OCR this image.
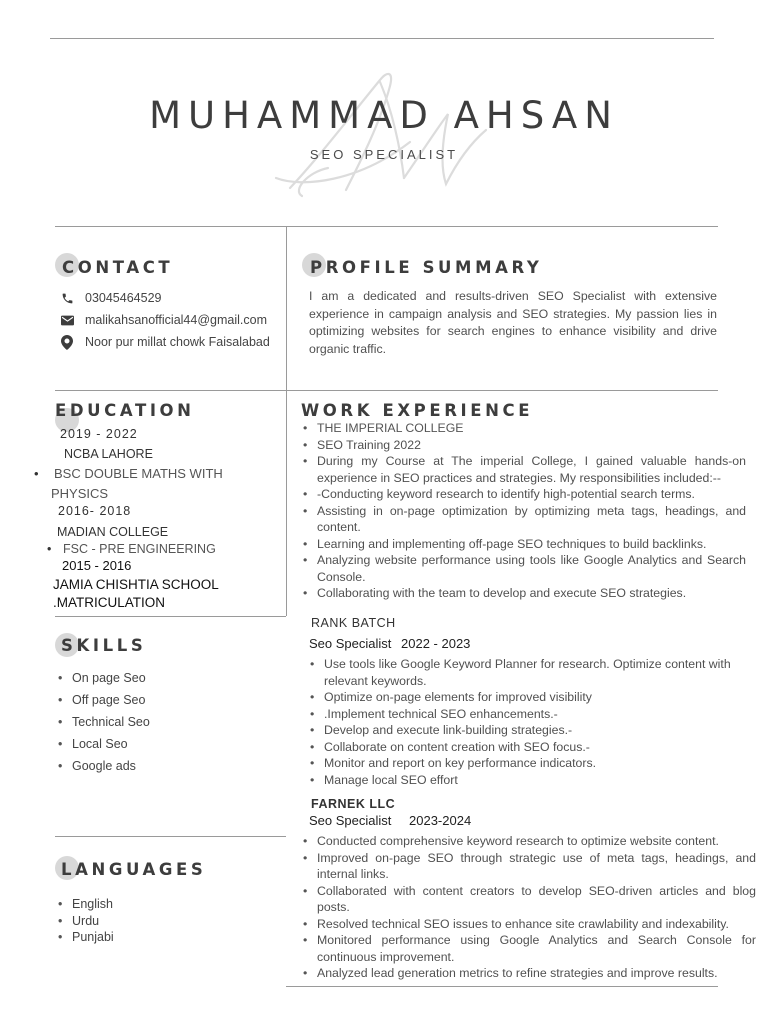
MUHAMMAD AHSAN
SEO SPECIALIST
CONTACT
03045464529
malikahsanofficial44@gmail.com
Noor pur millat chowk Faisalabad
PROFILE SUMMARY
I am a dedicated and results-driven SEO Specialist with extensive experience in campaign analysis and SEO strategies. My passion lies in optimizing websites for search engines to enhance visibility and drive organic traffic.
EDUCATION
2019 - 2022
NCBA LAHORE
• BSC DOUBLE MATHS WITH
PHYSICS
2016- 2018
MADIAN COLLEGE
• FSC - PRE ENGINEERING
2015 - 2016
JAMIA CHISHTIA SCHOOL
.MATRICULATION
SKILLS
• On page Seo
• Off page Seo
• Technical Seo
• Local Seo
• Google ads
LANGUAGES
• English
• Urdu
• Punjabi
WORK EXPERIENCE
• THE IMPERIAL COLLEGE
• SEO Training 2022
• During my Course at The imperial College, I gained valuable hands-on experience in SEO practices and strategies. My responsibilities included:--
• -Conducting keyword research to identify high-potential search terms.
• Assisting in on-page optimization by optimizing meta tags, headings, and content.
• Learning and implementing off-page SEO techniques to build backlinks.
• Analyzing website performance using tools like Google Analytics and Search Console.
• Collaborating with the team to develop and execute SEO strategies.
RANK BATCH
Seo Specialist 2022 - 2023
• Use tools like Google Keyword Planner for research. Optimize content with relevant keywords.
• Optimize on-page elements for improved visibility
• .Implement technical SEO enhancements.-
• Develop and execute link-building strategies.-
• Collaborate on content creation with SEO focus.-
• Monitor and report on key performance indicators.
• Manage local SEO effort
FARNEK LLC
Seo Specialist 2023-2024
• Conducted comprehensive keyword research to optimize website content.
• Improved on-page SEO through strategic use of meta tags, headings, and internal links.
• Collaborated with content creators to develop SEO-driven articles and blog posts.
• Resolved technical SEO issues to enhance site crawlability and indexability.
• Monitored performance using Google Analytics and Search Console for continuous improvement.
• Analyzed lead generation metrics to refine strategies and improve results.
